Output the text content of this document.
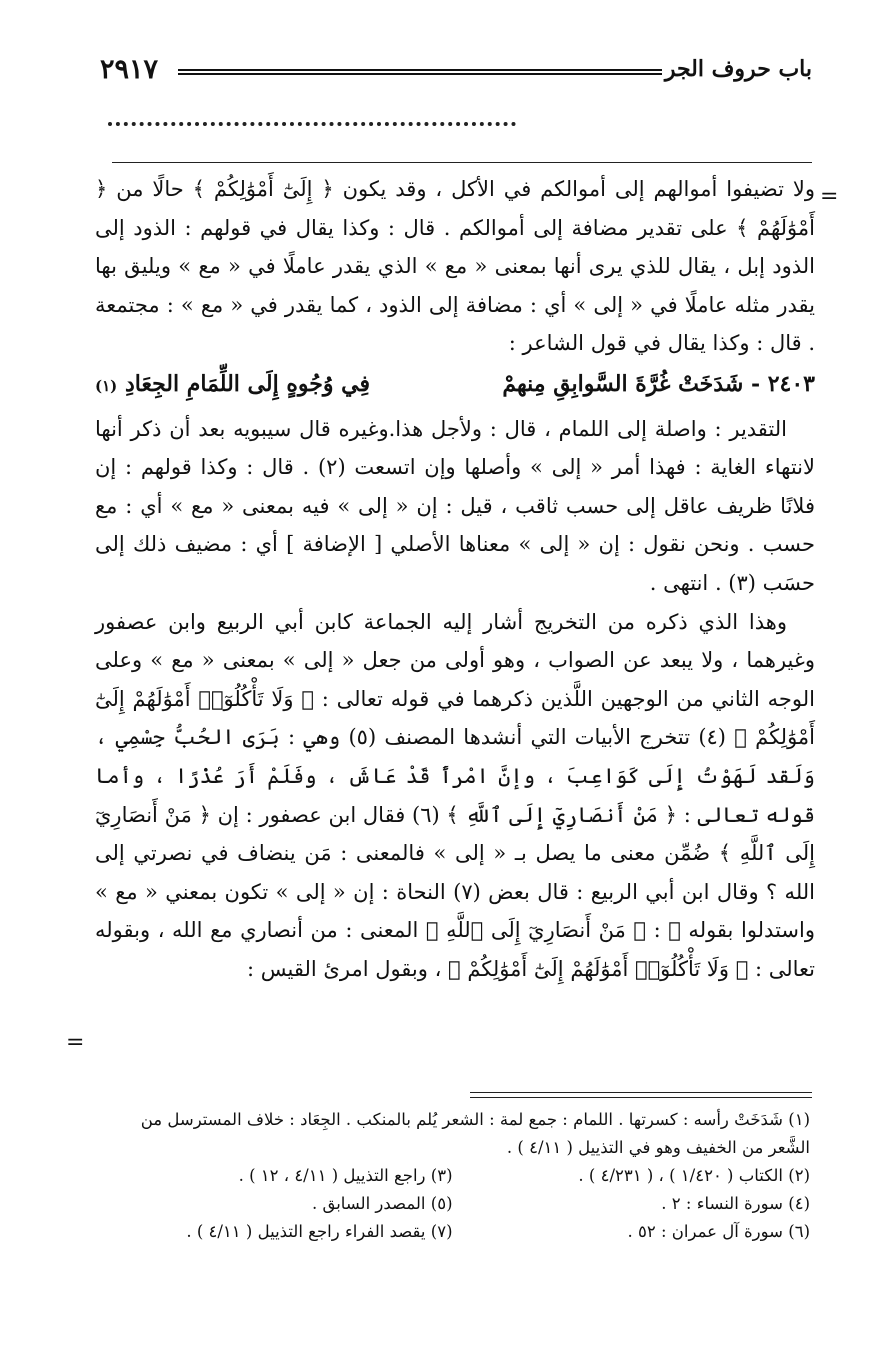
باب حروف الجر
٢٩١٧
=
=

ولا تضيفوا أموالهم إلى أموالكم في الأكل ، وقد يكون ﴿ إِلَىٰٓ أَمْوَٰلِكُمْ ﴾ حالًا من ﴿ أَمْوَٰلَهُمْ ﴾ على تقدير مضافة إلى أموالكم . قال : وكذا يقال في قولهم : الذود إلى الذود إبل ، يقال للذي يرى أنها بمعنى « مع » الذي يقدر عاملًا في « مع » ويليق بها يقدر مثله عاملًا في « إلى » أي : مضافة إلى الذود ، كما يقدر في « مع » : مجتمعة . قال : وكذا يقال في قول الشاعر :

٢٤٠٣ - شَدَخَتْ غُرَّةَ السَّوابِقِ مِنهمْ
فِي وُجُوهٍ إِلَى اللِّمَامِ الجِعَادِ (١)

التقدير : واصلة إلى اللمام ، قال : ولأجل هذا.وغيره قال سيبويه بعد أن ذكر أنها لانتهاء الغاية : فهذا أمر « إلى » وأصلها وإن اتسعت (٢) . قال : وكذا قولهم : إن فلانًا ظريف عاقل إلى حسب ثاقب ، قيل : إن « إلى » فيه بمعنى « مع » أي : مع حسب . ونحن نقول : إن « إلى » معناها الأصلي [ الإضافة ] أي : مضيف ذلك إلى حسَب (٣) . انتهى .

وهذا الذي ذكره من التخريج أشار إليه الجماعة كابن أبي الربيع وابن عصفور وغيرهما ، ولا يبعد عن الصواب ، وهو أولى من جعل « إلى » بمعنى « مع » وعلى الوجه الثاني من الوجهين اللَّذين ذكرهما في قوله تعالى : ﴿ وَلَا تَأْكُلُوٓا۟ أَمْوَٰلَهُمْ إِلَىٰٓ أَمْوَٰلِكُمْ ﴾ (٤) تتخرج الأبيات التي أنشدها المصنف (٥) وهي : بَرَى الحُبُّ جِسْمِي ، وَلَقد لَهَوْتُ إِلَى كَوَاعِبَ ، وإنَّ امْرأً قَدْ عَاشَ ، وفَلَمْ أَرَ عُذْرًا ، وأما قوله تعالى : ﴿ مَنْ أَنصَارِيٓ إِلَى ٱللَّهِ ﴾ (٦) فقال ابن عصفور : إن ﴿ مَنْ أَنصَارِيٓ إِلَى ٱللَّهِ ﴾ ضُمِّن معنى ما يصل بـ « إلى » فالمعنى : مَن ينضاف في نصرتي إلى الله ؟ وقال ابن أبي الربيع : قال بعض (٧) النحاة : إن « إلى » تكون بمعني « مع » واستدلوا بقوله ﷺ : ﴿ مَنْ أَنصَارِيٓ إِلَى ٱللَّهِ ﴾ المعنى : من أنصاري مع الله ، وبقوله تعالى : ﴿ وَلَا تَأْكُلُوٓا۟ أَمْوَٰلَهُمْ إِلَىٰٓ أَمْوَٰلِكُمْ ﴾ ، وبقول امرئ القيس :

(١) شَدَخَتْ رأسه : كسرتها . اللمام : جمع لمة : الشعر يُلم بالمنكب . الجِعَاد : خلاف المسترسل من الشَّعر من الخفيف وهو في التذييل ( ٤/١١ ) .
(٢) الكتاب ( ١/٤٢٠ ) ، ( ٤/٢٣١ ) .
(٣) راجع التذييل ( ٤/١١ ، ١٢ ) .
(٤) سورة النساء : ٢ .
(٥) المصدر السابق .
(٦) سورة آل عمران : ٥٢ .
(٧) يقصد الفراء راجع التذييل ( ٤/١١ ) .
